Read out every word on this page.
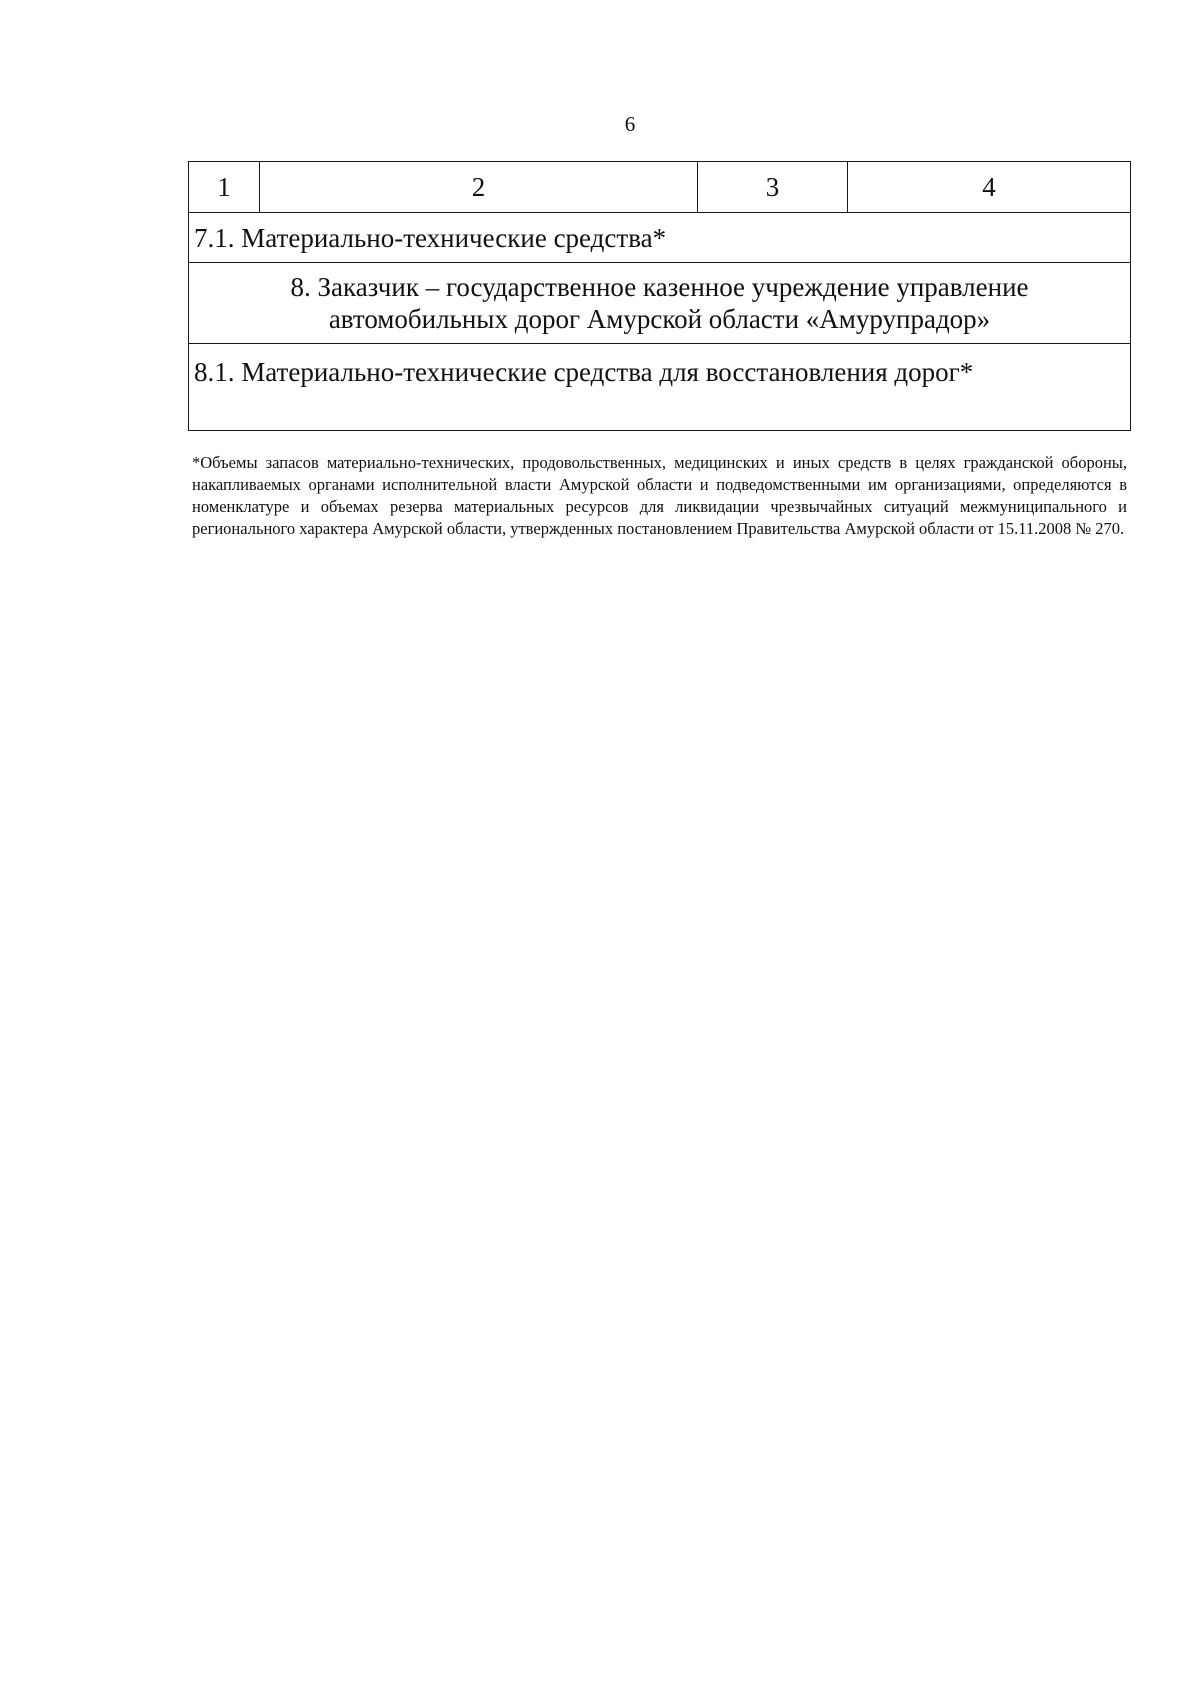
6
1	2	3	4
7.1. Материально-технические средства*

8. Заказчик – государственное казенное учреждение управление
автомобильных дорог Амурской области «Амурупрадор»

8.1. Материально-технические средства для восстановления дорог*
*Объемы запасов материально-технических, продовольственных, медицинских и иных средств в целях гражданской обороны, накапливаемых органами исполнительной власти Амурской области и подведомственными им организациями, определяются в номенклатуре и объемах резерва материальных ресурсов для ликвидации чрезвычайных ситуаций межмуниципального и регионального характера Амурской области, утвержденных постановлением Правительства Амурской области от 15.11.2008 № 270.
